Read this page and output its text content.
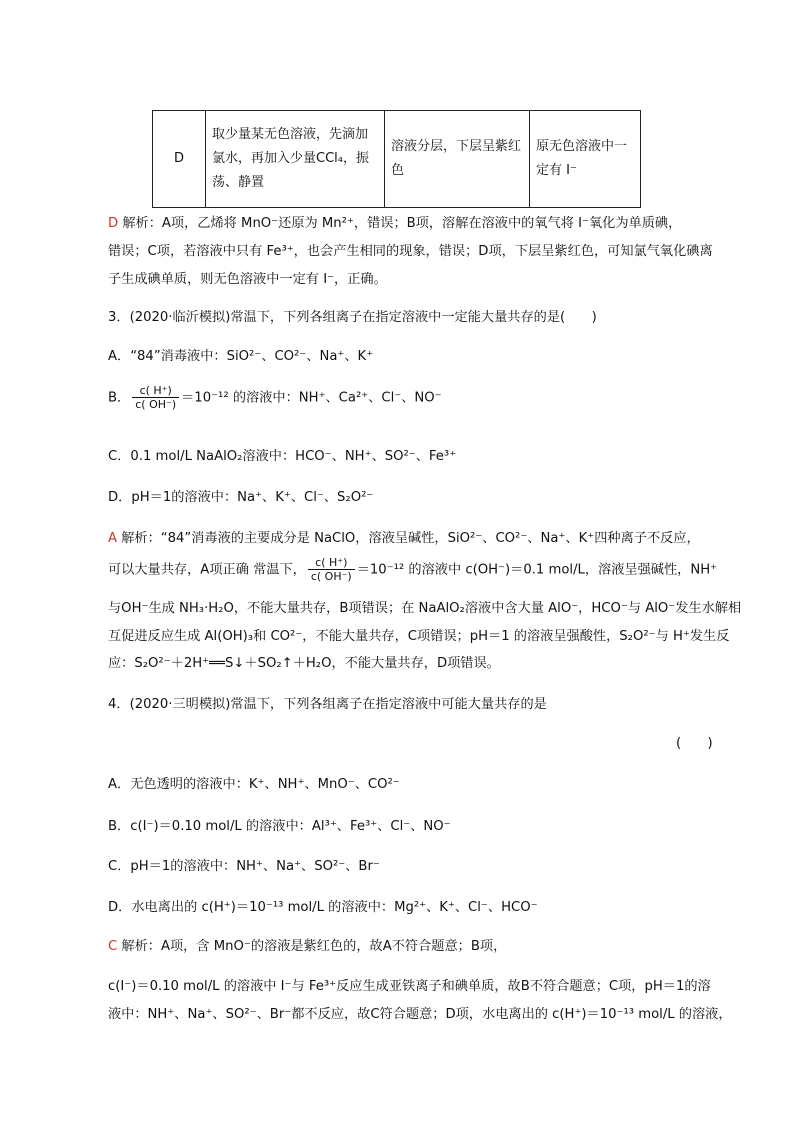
D	取少量某无色溶液，先滴加氯水，再加入少量CCl₄，振荡、静置	溶液分层，下层呈紫红色	原无色溶液中一定有 I⁻
D 解析：A项，乙烯将 MnO⁻还原为 Mn²⁺，错误；B项，溶解在溶液中的氧气将 I⁻氧化为单质碘，
错误；C项，若溶液中只有 Fe³⁺，也会产生相同的现象，错误；D项，下层呈紫红色，可知氯气氧化碘离
子生成碘单质，则无色溶液中一定有 I⁻，正确。
3．(2020·临沂模拟)常温下，下列各组离子在指定溶液中一定能大量共存的是(　　)
A．“84”消毒液中：SiO²⁻、CO²⁻、Na⁺、K⁺
B． $\frac{c( H^+)}{c( OH^-)} =10^{-12}$ 的溶液中：NH⁺、Ca²⁺、Cl⁻、NO⁻
C．0.1 mol/L NaAlO₂溶液中：HCO⁻、NH⁺、SO²⁻、Fe³⁺
D．pH＝1的溶液中：Na⁺、K⁺、Cl⁻、S₂O²⁻
A 解析：“84”消毒液的主要成分是 NaClO，溶液呈碱性，SiO²⁻、CO²⁻、Na⁺、K⁺四种离子不反应，
可以大量共存，A项正确 常温下， $\frac{c( H^+)}{c( OH^-)} =10^{-12}$ 的溶液中 c(OH⁻)＝0.1 mol/L，溶液呈强碱性，NH⁺
与OH⁻生成 NH₃·H₂O，不能大量共存，B项错误；在 NaAlO₂溶液中含大量 AlO⁻，HCO⁻与 AlO⁻发生水解相
互促进反应生成 Al(OH)₃和 CO²⁻，不能大量共存，C项错误；pH＝1 的溶液呈强酸性，S₂O²⁻与 H⁺发生反
应：S₂O²⁻＋2H⁺══S↓＋SO₂↑＋H₂O，不能大量共存，D项错误。
4．(2020·三明模拟)常温下，下列各组离子在指定溶液中可能大量共存的是
(　　)
A．无色透明的溶液中：K⁺、NH⁺、MnO⁻、CO²⁻
B．c(I⁻)＝0.10 mol/L 的溶液中：Al³⁺、Fe³⁺、Cl⁻、NO⁻
C．pH＝1的溶液中：NH⁺、Na⁺、SO²⁻、Br⁻
D．水电离出的 c(H⁺)＝10⁻¹³ mol/L 的溶液中：Mg²⁺、K⁺、Cl⁻、HCO⁻
C 解析：A项，含 MnO⁻的溶液是紫红色的，故A不符合题意；B项，
c(I⁻)＝0.10 mol/L 的溶液中 I⁻与 Fe³⁺反应生成亚铁离子和碘单质，故B不符合题意；C项，pH＝1的溶
液中：NH⁺、Na⁺、SO²⁻、Br⁻都不反应，故C符合题意；D项，水电离出的 c(H⁺)＝10⁻¹³ mol/L 的溶液，
